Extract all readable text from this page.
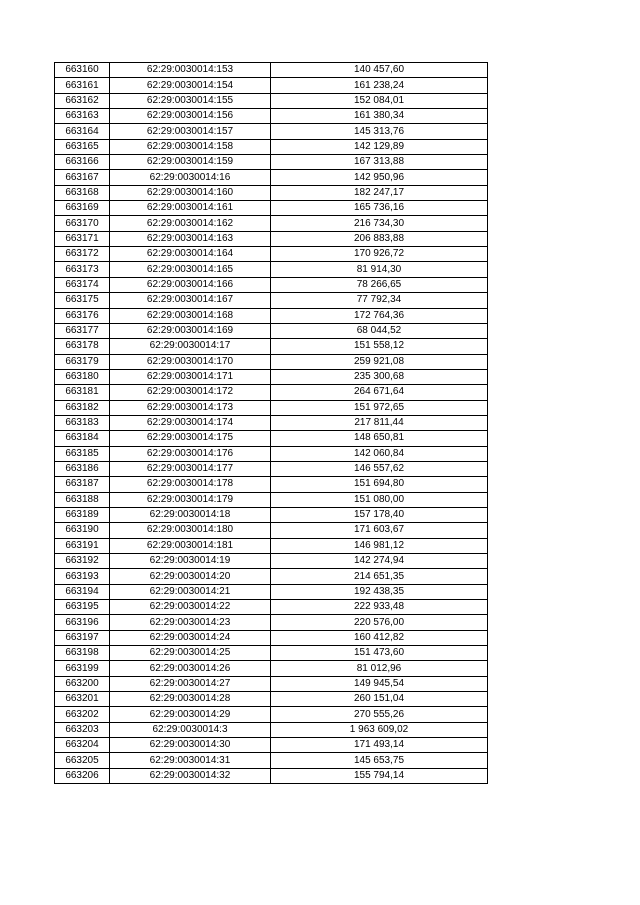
663160	62:29:0030014:153	140 457,60
663161	62:29:0030014:154	161 238,24
663162	62:29:0030014:155	152 084,01
663163	62:29:0030014:156	161 380,34
663164	62:29:0030014:157	145 313,76
663165	62:29:0030014:158	142 129,89
663166	62:29:0030014:159	167 313,88
663167	62:29:0030014:16	142 950,96
663168	62:29:0030014:160	182 247,17
663169	62:29:0030014:161	165 736,16
663170	62:29:0030014:162	216 734,30
663171	62:29:0030014:163	206 883,88
663172	62:29:0030014:164	170 926,72
663173	62:29:0030014:165	81 914,30
663174	62:29:0030014:166	78 266,65
663175	62:29:0030014:167	77 792,34
663176	62:29:0030014:168	172 764,36
663177	62:29:0030014:169	68 044,52
663178	62:29:0030014:17	151 558,12
663179	62:29:0030014:170	259 921,08
663180	62:29:0030014:171	235 300,68
663181	62:29:0030014:172	264 671,64
663182	62:29:0030014:173	151 972,65
663183	62:29:0030014:174	217 811,44
663184	62:29:0030014:175	148 650,81
663185	62:29:0030014:176	142 060,84
663186	62:29:0030014:177	146 557,62
663187	62:29:0030014:178	151 694,80
663188	62:29:0030014:179	151 080,00
663189	62:29:0030014:18	157 178,40
663190	62:29:0030014:180	171 603,67
663191	62:29:0030014:181	146 981,12
663192	62:29:0030014:19	142 274,94
663193	62:29:0030014:20	214 651,35
663194	62:29:0030014:21	192 438,35
663195	62:29:0030014:22	222 933,48
663196	62:29:0030014:23	220 576,00
663197	62:29:0030014:24	160 412,82
663198	62:29:0030014:25	151 473,60
663199	62:29:0030014:26	81 012,96
663200	62:29:0030014:27	149 945,54
663201	62:29:0030014:28	260 151,04
663202	62:29:0030014:29	270 555,26
663203	62:29:0030014:3	1 963 609,02
663204	62:29:0030014:30	171 493,14
663205	62:29:0030014:31	145 653,75
663206	62:29:0030014:32	155 794,14
